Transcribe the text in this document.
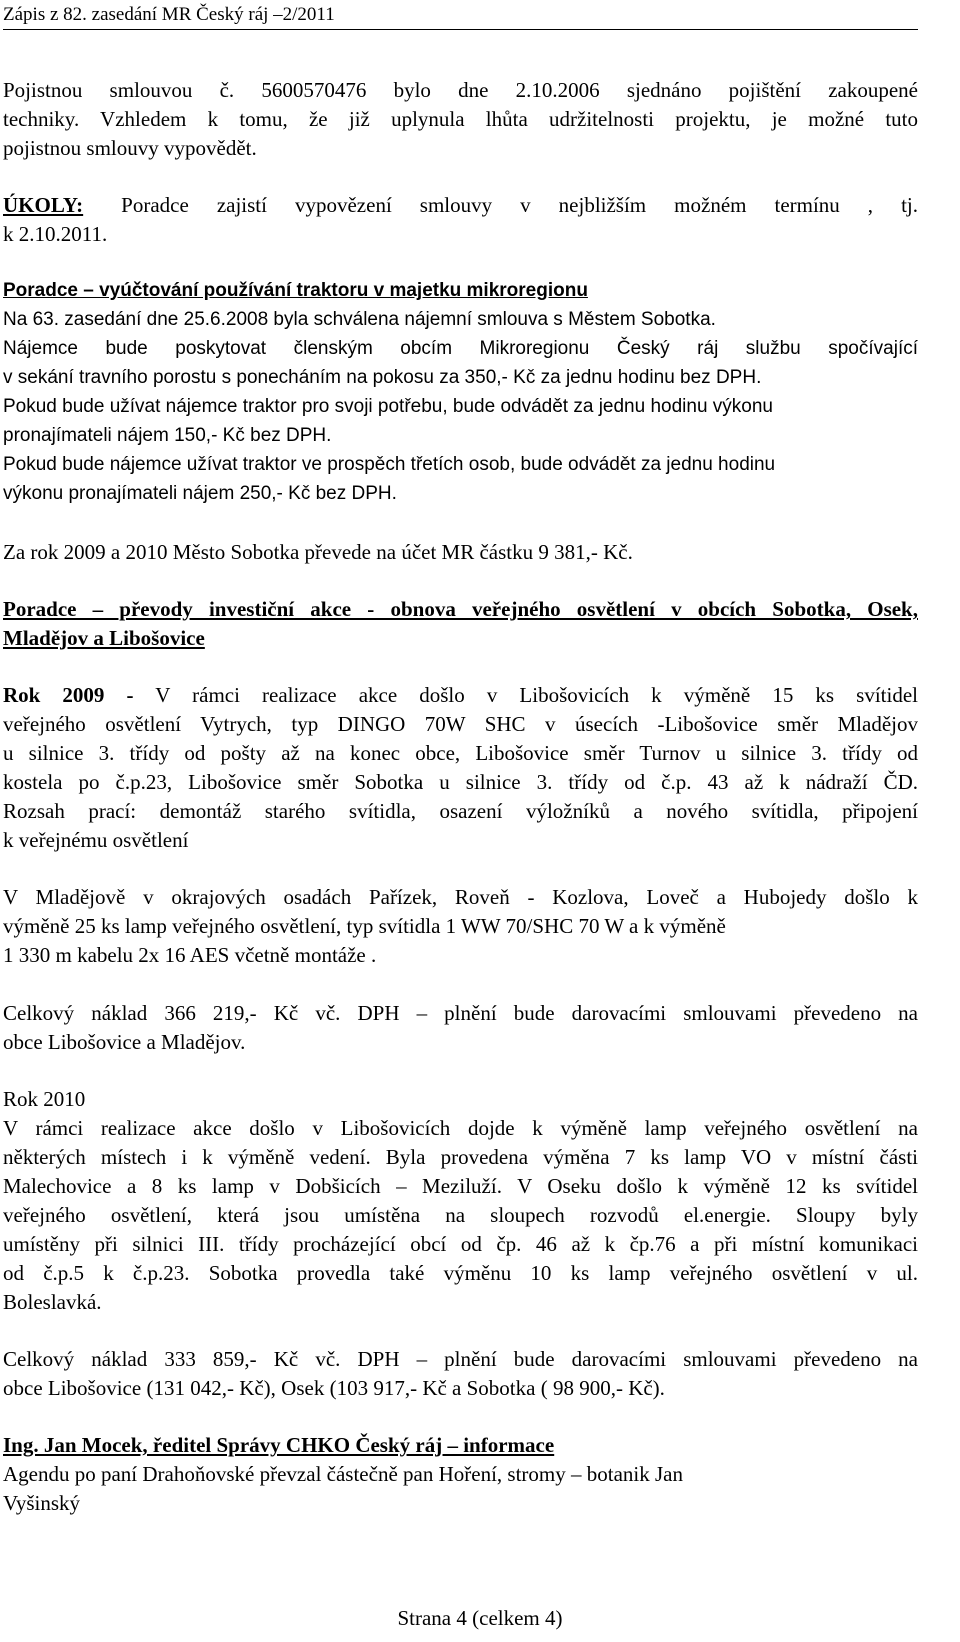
Zápis z 82. zasedání MR Český ráj –2/2011
Pojistnou smlouvou č. 5600570476 bylo dne 2.10.2006 sjednáno pojištění zakoupené
techniky. Vzhledem k tomu, že již uplynula lhůta udržitelnosti projektu, je možné tuto
pojistnou smlouvy vypovědět.
ÚKOLY: Poradce zajistí vypovězení smlouvy v nejbližším možném termínu , tj.
k 2.10.2011.
Poradce – vyúčtování používání traktoru v majetku mikroregionu
Na 63. zasedání dne 25.6.2008 byla schválena nájemní smlouva s Městem Sobotka.
Nájemce bude poskytovat členským obcím Mikroregionu Český ráj službu spočívající
v sekání travního porostu s ponecháním na pokosu za 350,- Kč za jednu hodinu bez DPH.
Pokud bude užívat nájemce traktor pro svoji potřebu, bude odvádět za jednu hodinu výkonu
pronajímateli nájem 150,- Kč bez DPH.
Pokud bude nájemce užívat traktor ve prospěch třetích osob, bude odvádět za jednu hodinu
výkonu pronajímateli nájem 250,- Kč bez DPH.
Za rok 2009 a 2010 Město Sobotka převede na účet MR částku 9 381,- Kč.
Poradce – převody investiční akce - obnova veřejného osvětlení v obcích Sobotka, Osek,
Mladějov a Libošovice
Rok 2009 - V rámci realizace akce došlo v Libošovicích k výměně 15 ks svítidel
veřejného osvětlení Vytrych, typ DINGO 70W SHC v úsecích -Libošovice směr Mladějov
u silnice 3. třídy od pošty až na konec obce, Libošovice směr Turnov u silnice 3. třídy od
kostela po č.p.23, Libošovice směr Sobotka u silnice 3. třídy od č.p. 43 až k nádraží ČD.
Rozsah prací: demontáž starého svítidla, osazení výložníků a nového svítidla, připojení
k veřejnému osvětlení
V Mladějově v okrajových osadách Pařízek, Roveň - Kozlova, Loveč a Hubojedy došlo k
výměně 25 ks lamp veřejného osvětlení, typ svítidla 1 WW 70/SHC 70 W a k výměně
1 330 m kabelu 2x 16 AES včetně montáže .
Celkový náklad 366 219,- Kč vč. DPH – plnění bude darovacími smlouvami převedeno na
obce Libošovice a Mladějov.
Rok 2010
V rámci realizace akce došlo v Libošovicích dojde k výměně lamp veřejného osvětlení na
některých místech i k výměně vedení. Byla provedena výměna 7 ks lamp VO v místní části
Malechovice a 8 ks lamp v Dobšicích – Meziluží. V Oseku došlo k výměně 12 ks svítidel
veřejného osvětlení, která jsou umístěna na sloupech rozvodů el.energie. Sloupy byly
umístěny při silnici III. třídy procházející obcí od čp. 46 až k čp.76 a při místní komunikaci
od č.p.5 k č.p.23. Sobotka provedla také výměnu 10 ks lamp veřejného osvětlení v ul.
Boleslavká.
Celkový náklad 333 859,- Kč vč. DPH – plnění bude darovacími smlouvami převedeno na
obce Libošovice (131 042,- Kč), Osek (103 917,- Kč a Sobotka ( 98 900,- Kč).
Ing. Jan Mocek, ředitel Správy CHKO Český ráj – informace
Agendu po paní Drahoňovské převzal částečně pan Hoření, stromy – botanik Jan
Vyšinský
Strana 4 (celkem 4)
